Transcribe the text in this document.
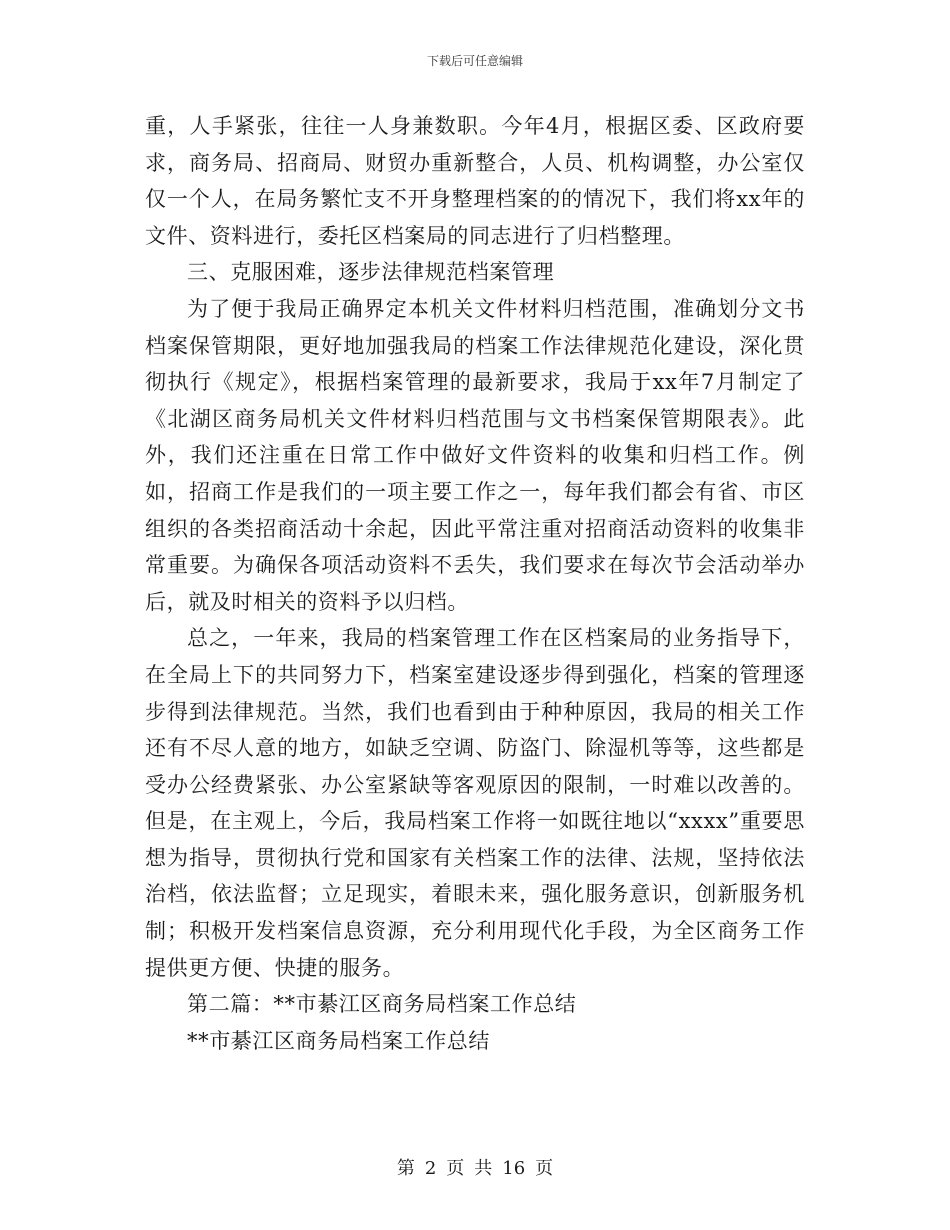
下载后可任意编辑

重，人手紧张，往往一人身兼数职。今年4月，根据区委、区政府要求，商务局、招商局、财贸办重新整合，人员、机构调整，办公室仅仅一个人，在局务繁忙支不开身整理档案的的情况下，我们将xx年的文件、资料进行，委托区档案局的同志进行了归档整理。

三、克服困难，逐步法律规范档案管理

为了便于我局正确界定本机关文件材料归档范围，准确划分文书档案保管期限，更好地加强我局的档案工作法律规范化建设，深化贯彻执行《规定》，根据档案管理的最新要求，我局于xx年7月制定了《北湖区商务局机关文件材料归档范围与文书档案保管期限表》。此外，我们还注重在日常工作中做好文件资料的收集和归档工作。例如，招商工作是我们的一项主要工作之一，每年我们都会有省、市区组织的各类招商活动十余起，因此平常注重对招商活动资料的收集非常重要。为确保各项活动资料不丢失，我们要求在每次节会活动举办后，就及时相关的资料予以归档。

总之，一年来，我局的档案管理工作在区档案局的业务指导下，在全局上下的共同努力下，档案室建设逐步得到强化，档案的管理逐步得到法律规范。当然，我们也看到由于种种原因，我局的相关工作还有不尽人意的地方，如缺乏空调、防盗门、除湿机等等，这些都是受办公经费紧张、办公室紧缺等客观原因的限制，一时难以改善的。但是，在主观上，今后，我局档案工作将一如既往地以“xxxx”重要思想为指导，贯彻执行党和国家有关档案工作的法律、法规，坚持依法治档，依法监督；立足现实，着眼未来，强化服务意识，创新服务机制；积极开发档案信息资源，充分利用现代化手段，为全区商务工作提供更方便、快捷的服务。

第二篇：**市綦江区商务局档案工作总结

**市綦江区商务局档案工作总结

第 2 页 共 16 页
